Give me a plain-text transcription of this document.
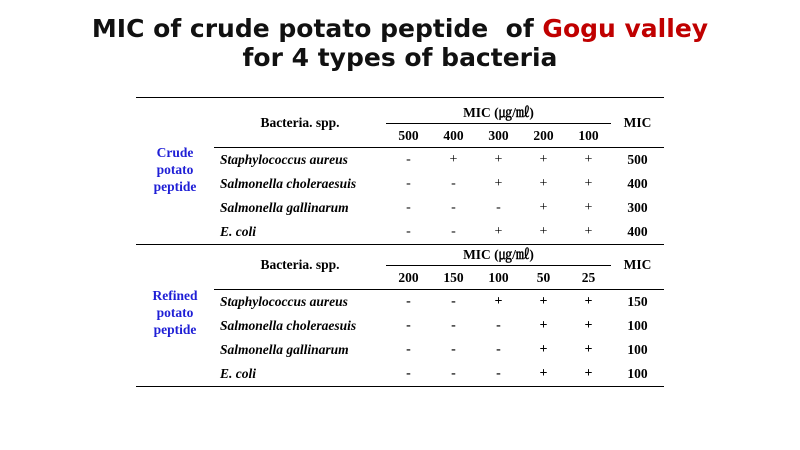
MIC of crude potato peptide  of Gogu valley
for 4 types of bacteria
Crude
potato
peptide
Bacteria. spp.
MIC (㎍/㎖)
500	400	300	200	100
MIC
Staphylococcus aureus	-	+	+	+	+	500
Salmonella choleraesuis	-	-	+	+	+	400
Salmonella gallinarum	-	-	-	+	+	300
E. coli	-	-	+	+	+	400
Refined
potato
peptide
Bacteria. spp.
MIC (㎍/㎖)
200	150	100	50	25
MIC
Staphylococcus aureus	-	-	+	+	+	150
Salmonella choleraesuis	-	-	-	+	+	100
Salmonella gallinarum	-	-	-	+	+	100
E. coli	-	-	-	+	+	100
